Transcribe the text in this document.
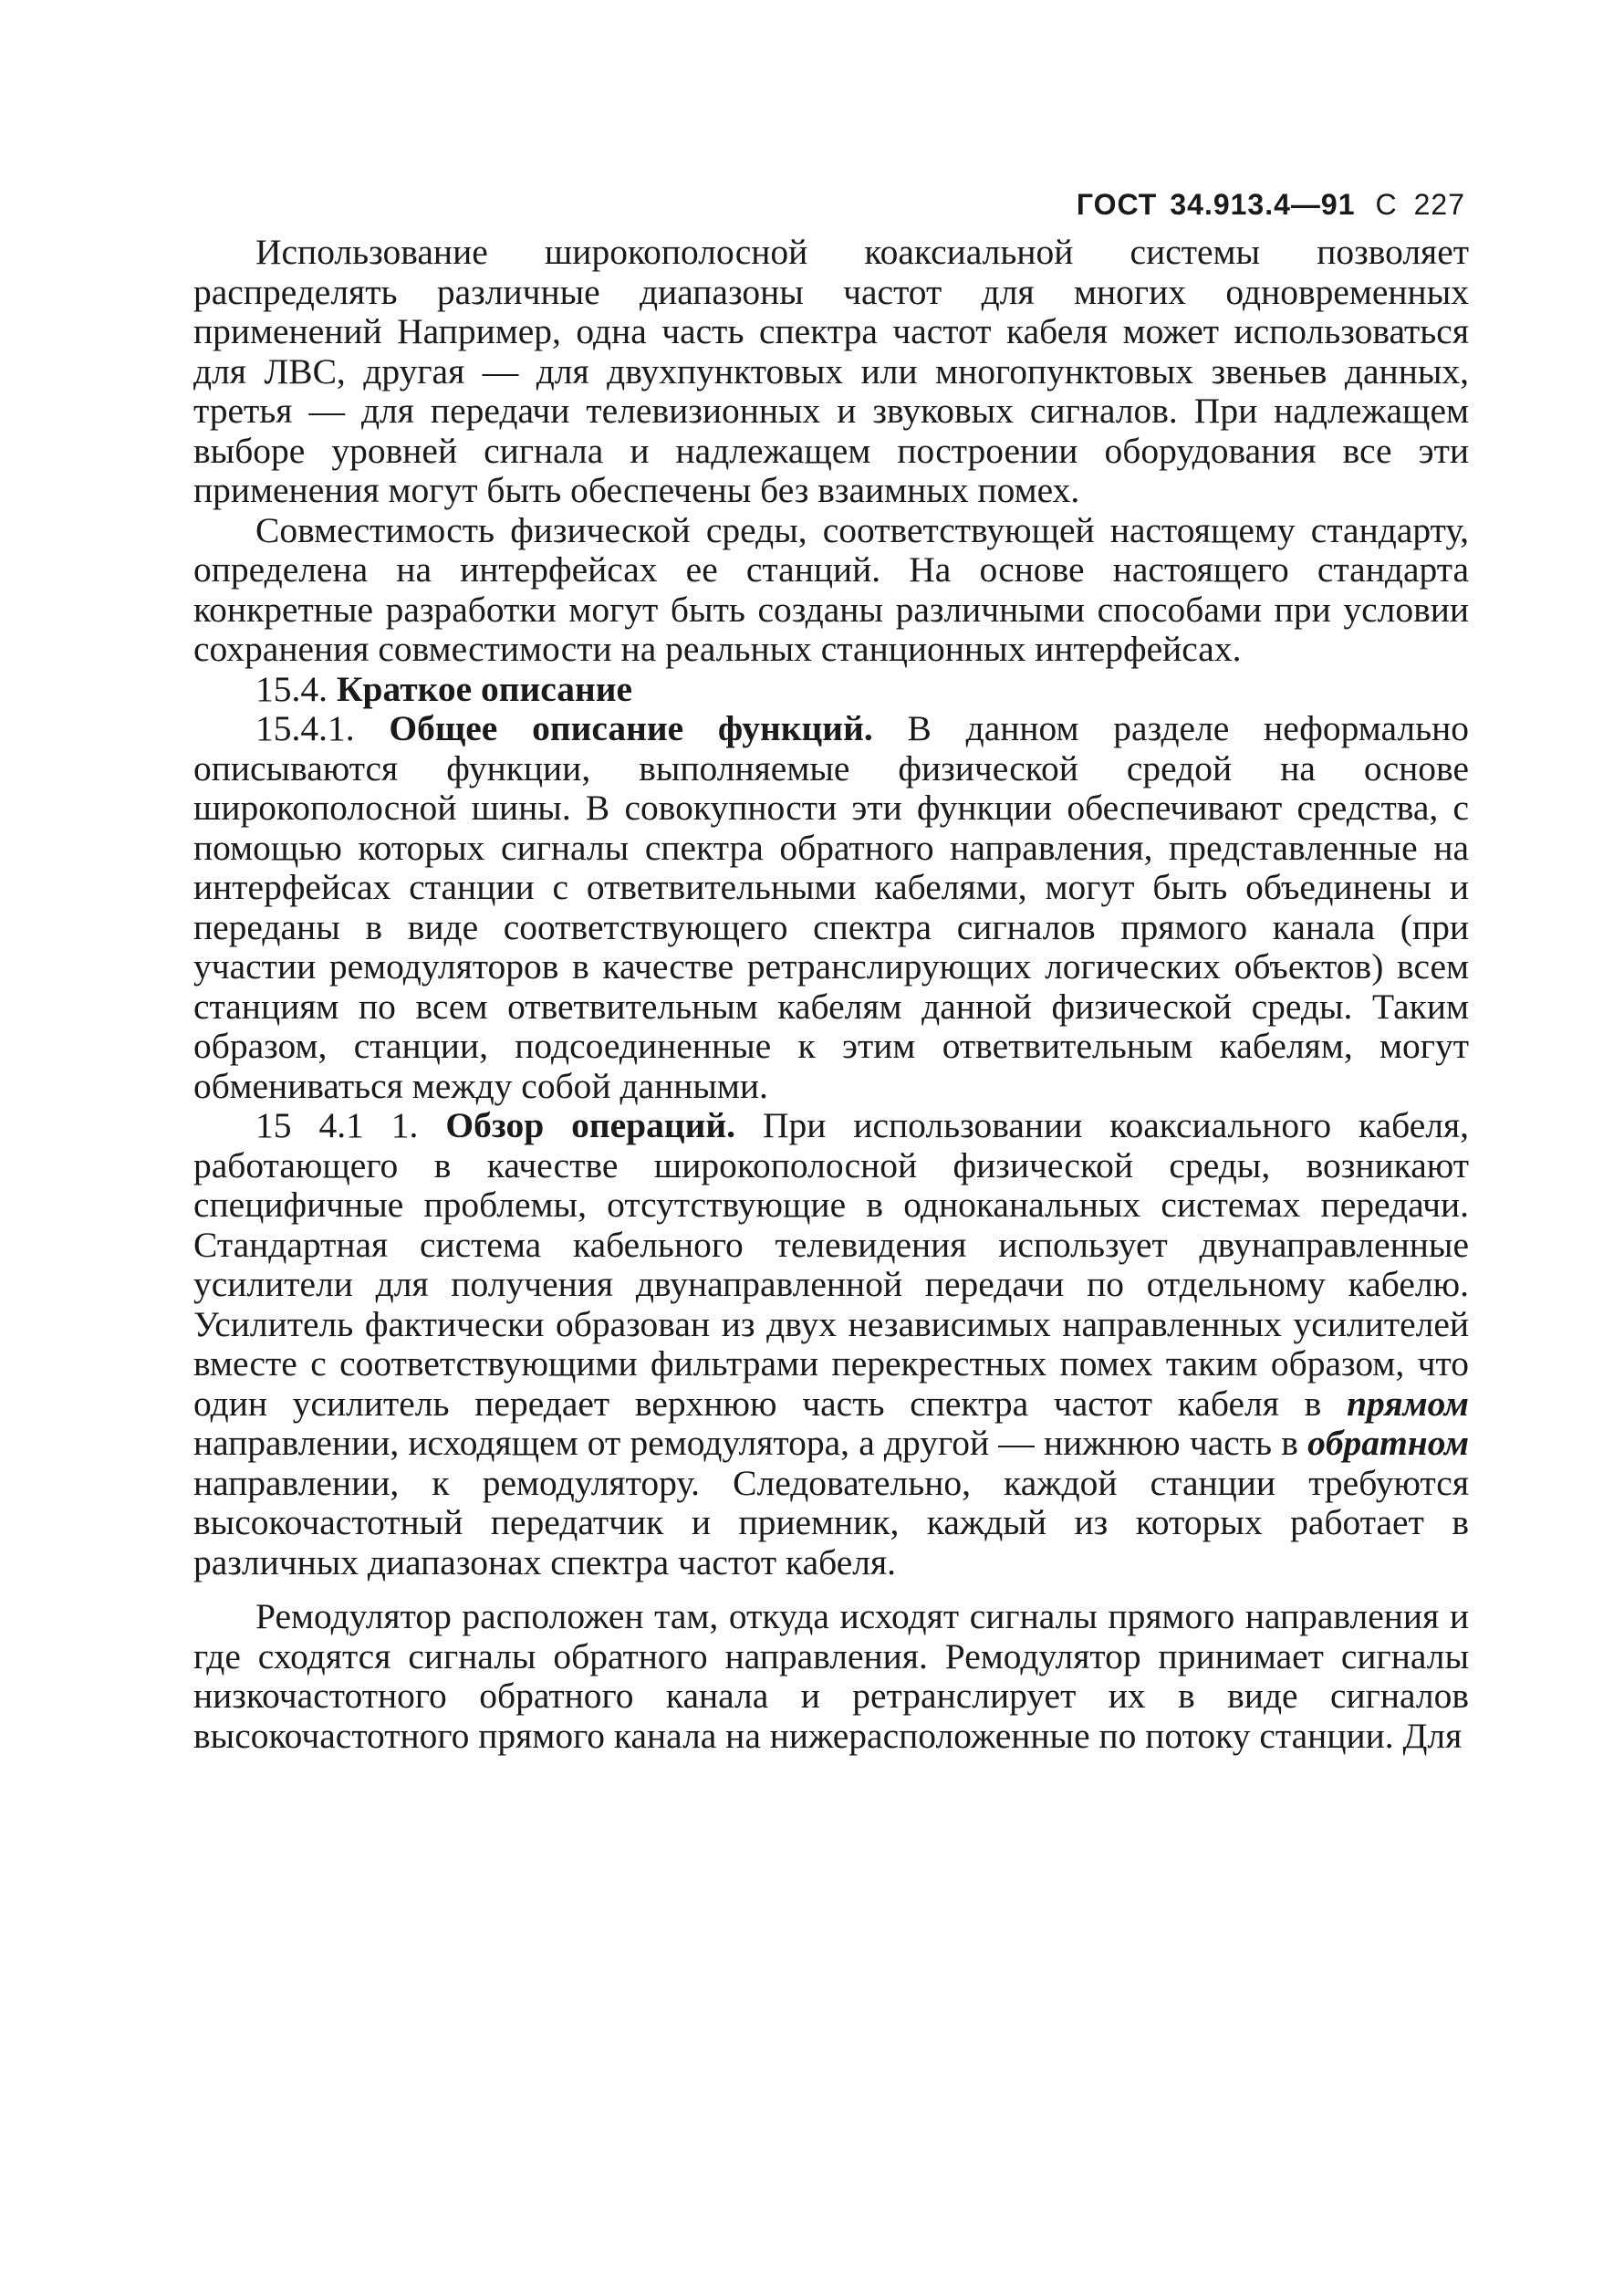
ГОСТ 34.913.4—91 С 227

Использование широкополосной коаксиальной системы позволяет распределять различные диапазоны частот для многих одновременных применений Например, одна часть спектра частот кабеля может использоваться для ЛВС, другая — для двухпунктовых или многопунктовых звеньев данных, третья — для передачи телевизионных и звуковых сигналов. При надлежащем выборе уровней сигнала и надлежащем построении оборудования все эти применения могут быть обеспечены без взаимных помех.

Совместимость физической среды, соответствующей настоящему стандарту, определена на интерфейсах ее станций. На основе настоящего стандарта конкретные разработки могут быть созданы различными способами при условии сохранения совместимости на реальных станционных интерфейсах.

15.4. Краткое описание

15.4.1. Общее описание функций. В данном разделе неформально описываются функции, выполняемые физической средой на основе широкополосной шины. В совокупности эти функции обеспечивают средства, с помощью которых сигналы спектра обратного направления, представленные на интерфейсах станции с ответвительными кабелями, могут быть объединены и переданы в виде соответствующего спектра сигналов прямого канала (при участии ремодуляторов в качестве ретранслирующих логических объектов) всем станциям по всем ответвительным кабелям данной физической среды. Таким образом, станции, подсоединенные к этим ответвительным кабелям, могут обмениваться между собой данными.

15 4.1 1. Обзор операций. При использовании коаксиального кабеля, работающего в качестве широкополосной физической среды, возникают специфичные проблемы, отсутствующие в одноканальных системах передачи. Стандартная система кабельного телевидения использует двунаправленные усилители для получения двунаправленной передачи по отдельному кабелю. Усилитель фактически образован из двух независимых направленных усилителей вместе с соответствующими фильтрами перекрестных помех таким образом, что один усилитель передает верхнюю часть спектра частот кабеля в прямом направлении, исходящем от ремодулятора, а другой — нижнюю часть в обратном направлении, к ремодулятору. Следовательно, каждой станции требуются высокочастотный передатчик и приемник, каждый из которых работает в различных диапазонах спектра частот кабеля.

Ремодулятор расположен там, откуда исходят сигналы прямого направления и где сходятся сигналы обратного направления. Ремодулятор принимает сигналы низкочастотного обратного канала и ретранслирует их в виде сигналов высокочастотного прямого канала на нижерасположенные по потоку станции. Для
